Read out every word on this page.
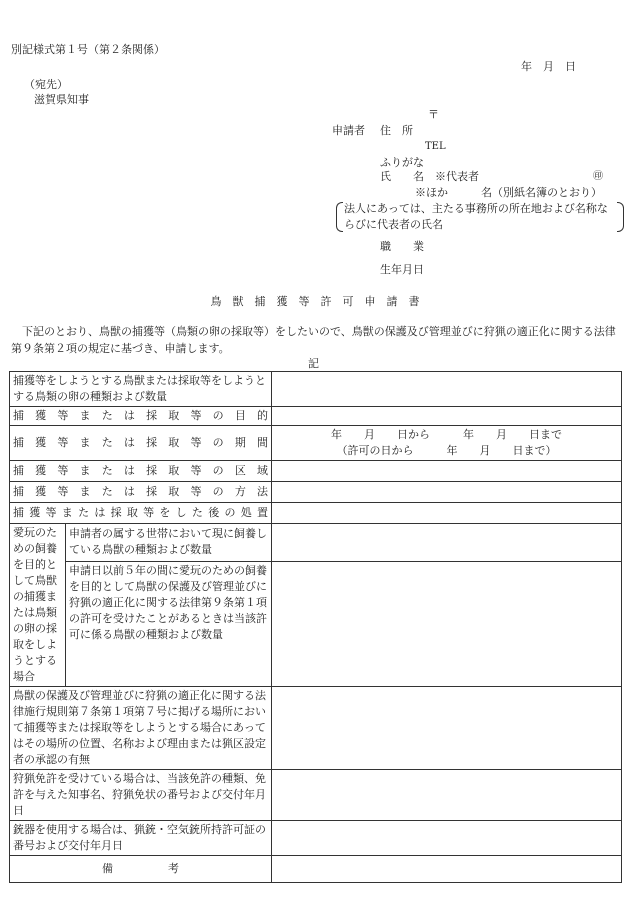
別記様式第１号（第２条関係）
年　月　日
（宛先）
滋賀県知事
〒
申請者 住　所
TEL
ふりがな
氏　　名　※代表者	㊞
※ほか　　　名（別紙名簿のとおり）
法人にあっては、主たる事務所の所在地および名称ならびに代表者の氏名
職　　業
生年月日
鳥　獣　捕　獲　等　許　可　申　請　書
下記のとおり、鳥獣の捕獲等（鳥類の卵の採取等）をしたいので、鳥獣の保護及び管理並びに狩猟の適正化に関する法律第９条第２項の規定に基づき、申請します。
記
捕獲等をしようとする鳥獣または採取等をしようとする鳥類の卵の種類および数量		
捕獲等または採取等の目的		
捕獲等または採取等の期間		年　　月　　日から　　　年　　月　　日まで
（許可の日から　　　年　　月　　日まで）

捕獲等または採取等の区域		
捕獲等または採取等の方法		
捕獲等または採取等をした後の処置		
愛玩のための飼養を目的として鳥獣の捕獲または鳥類の卵の採取をしようとする場合	申請者の属する世帯において現に飼養している鳥獣の種類および数量	
	申請日以前５年の間に愛玩のための飼養を目的として鳥獣の保護及び管理並びに狩猟の適正化に関する法律第９条第１項の許可を受けたことがあるときは当該許可に係る鳥獣の種類および数量	
鳥獣の保護及び管理並びに狩猟の適正化に関する法律施行規則第７条第１項第７号に掲げる場所において捕獲等または採取等をしようとする場合にあってはその場所の位置、名称および理由または猟区設定者の承認の有無		
狩猟免許を受けている場合は、当該免許の種類、免許を与えた知事名、狩猟免状の番号および交付年月日		
銃器を使用する場合は、猟銃・空気銃所持許可証の番号および交付年月日		
備　　　　　考		
